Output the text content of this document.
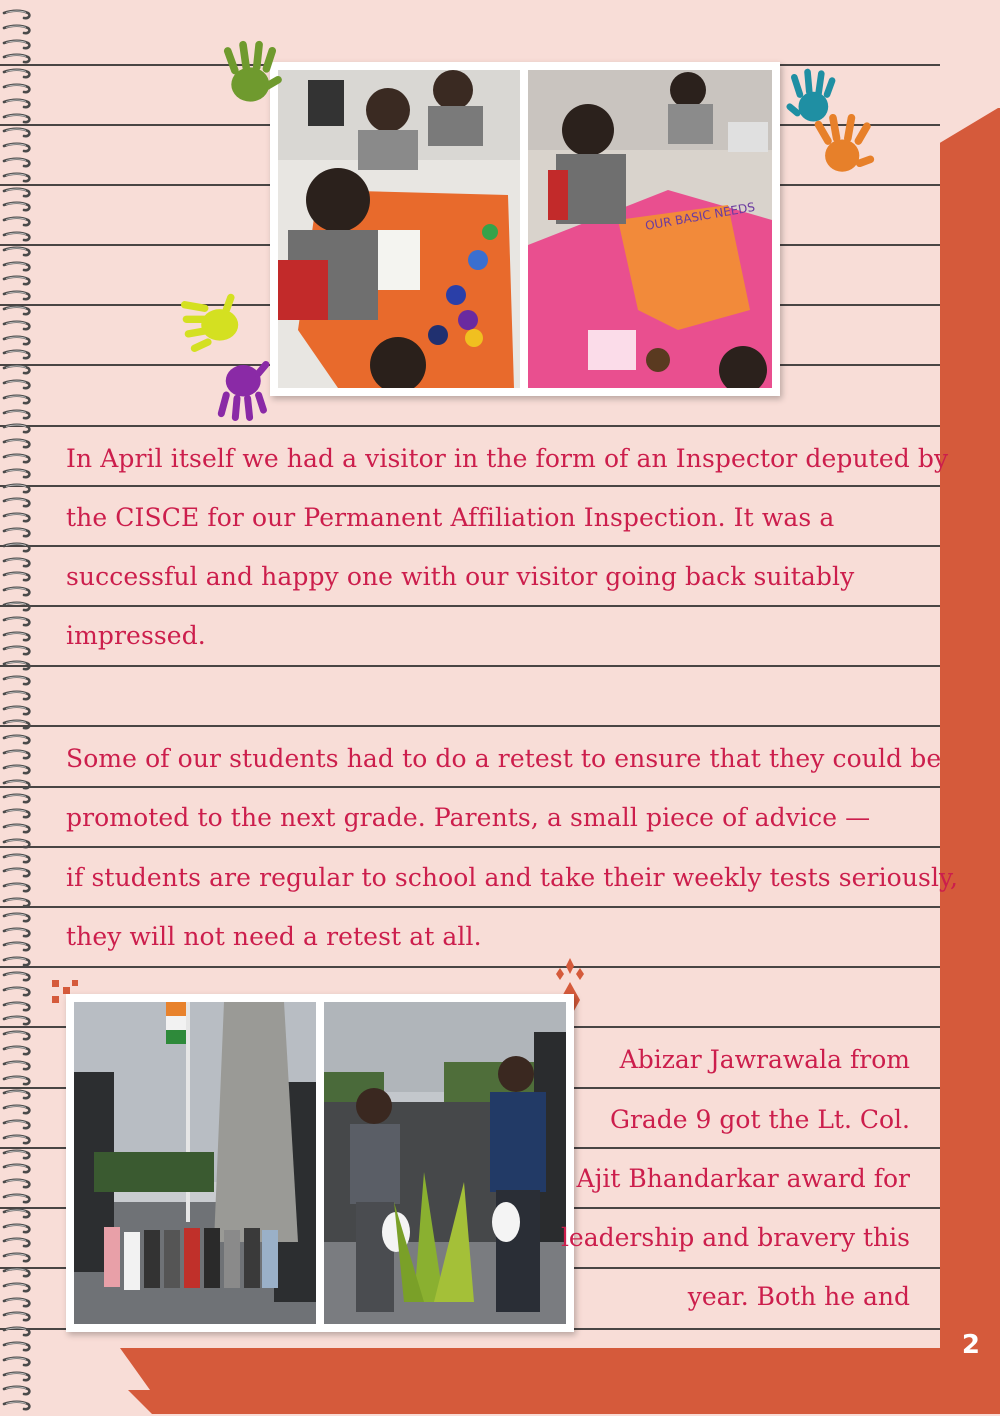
OUR BASIC NEEDS
In April itself we had a visitor in the form of an Inspector deputed by
the CISCE for our Permanent Affiliation Inspection. It was a
successful and happy one with our visitor going back suitably
impressed.
Some of our students had to do a retest to ensure that they could be
promoted to the next grade. Parents, a small piece of advice —
if students are regular to school and take their weekly tests seriously,
they will not need a retest at all.
Abizar Jawrawala from
Grade 9 got the Lt. Col.
Ajit Bhandarkar award for
leadership and bravery this
year. Both he and
2
